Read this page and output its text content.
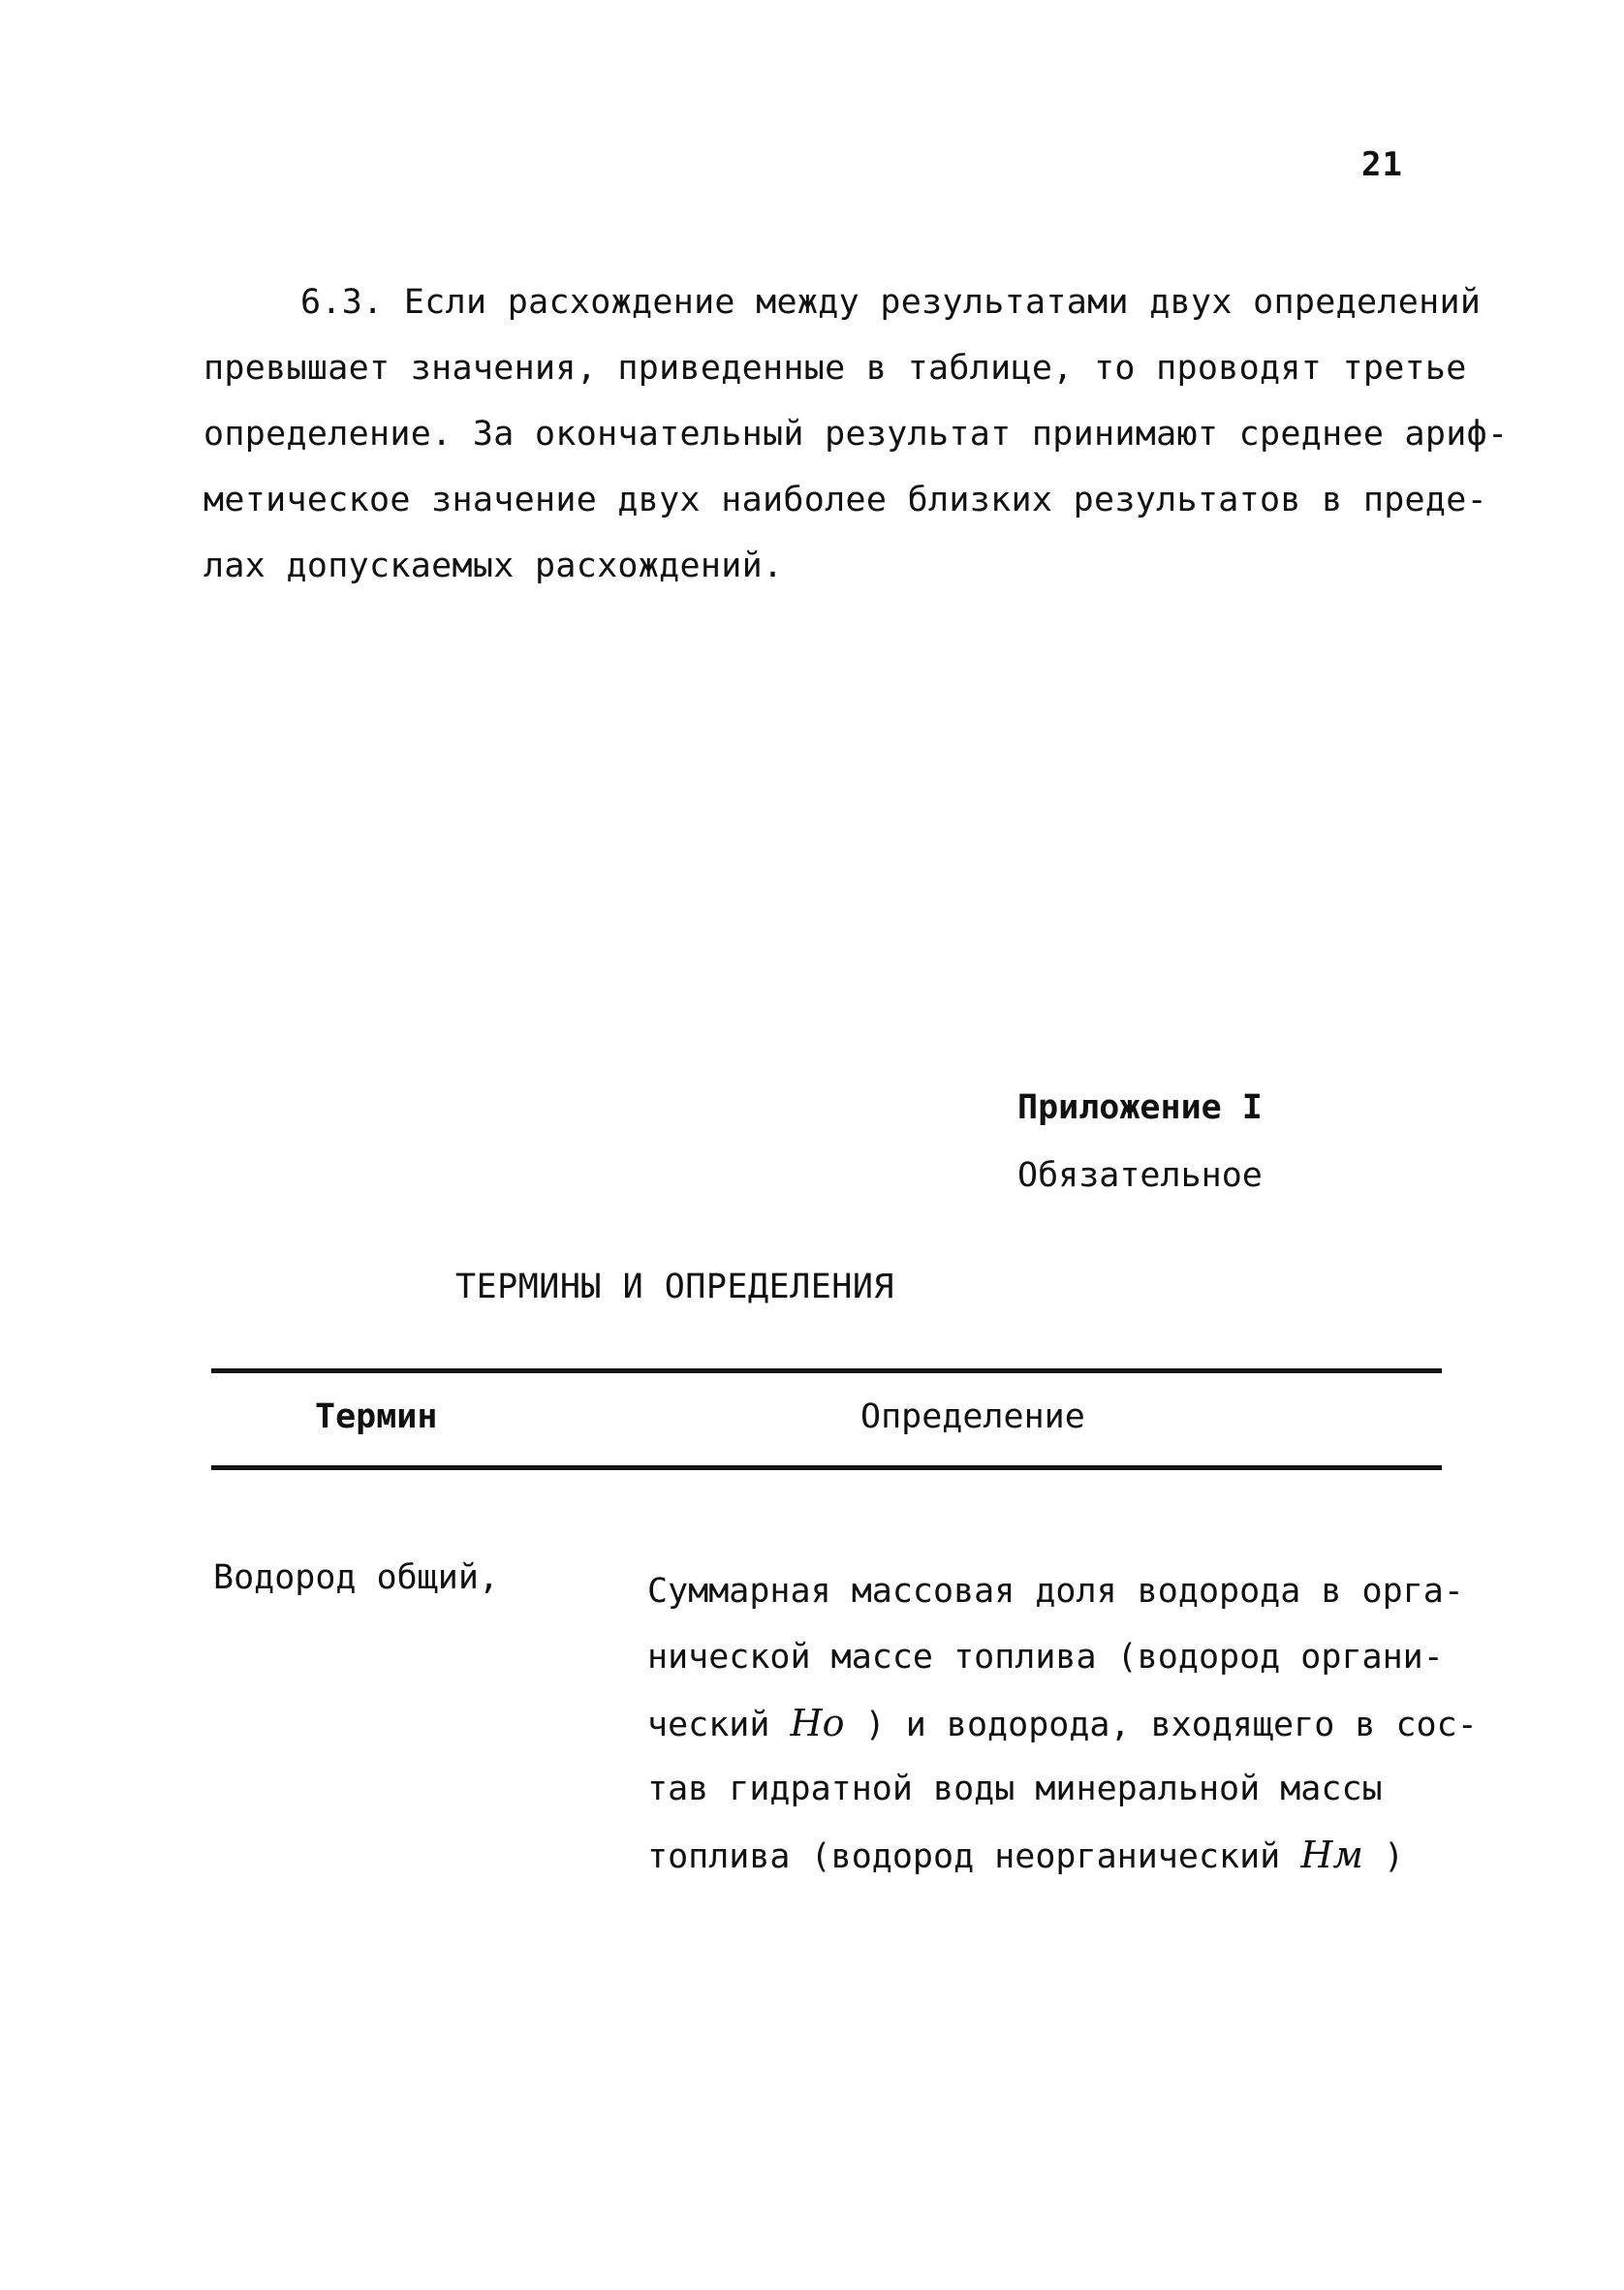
21
6.3. Если расхождение между результатами двух определений
превышает значения, приведенные в таблице, то проводят третье
определение. За окончательный результат принимают среднее ариф-
метическое значение двух наиболее близких результатов в преде-
лах допускаемых расхождений.
Приложение I
Обязательное
ТЕРМИНЫ И ОПРЕДЕЛЕНИЯ
Термин	Определение
Водород общий,	Суммарная массовая доля водорода в орга-
нической массе топлива (водород органи-
ческий Hо ) и водорода, входящего в сос-
тав гидратной воды минеральной массы
топлива (водород неорганический Hм )
